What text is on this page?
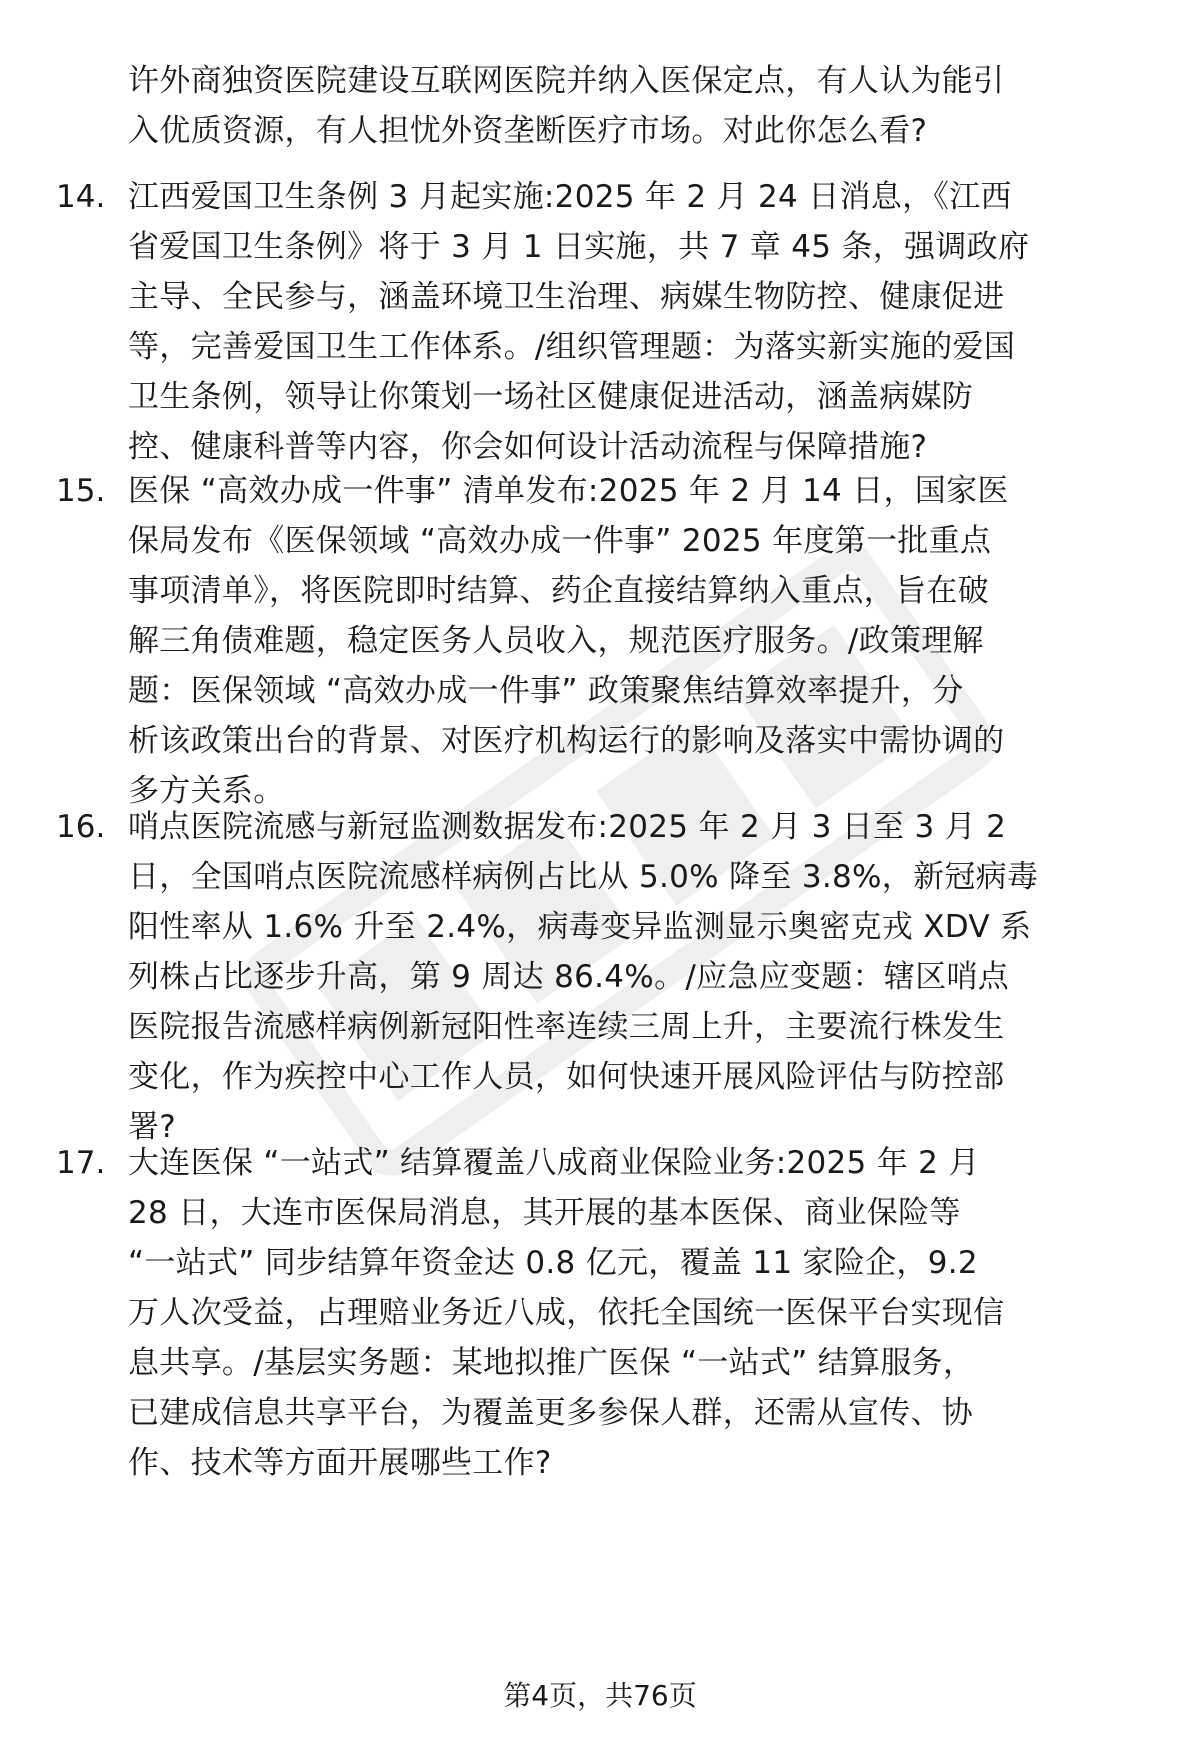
许外商独资医院建设互联网医院并纳入医保定点，有人认为能引
入优质资源，有人担忧外资垄断医疗市场。对此你怎么看?

14. 江西爱国卫生条例 3 月起实施:2025 年 2 月 24 日消息，《江西
省爱国卫生条例》将于 3 月 1 日实施，共 7 章 45 条，强调政府
主导、全民参与，涵盖环境卫生治理、病媒生物防控、健康促进
等，完善爱国卫生工作体系。/组织管理题：为落实新实施的爱国
卫生条例，领导让你策划一场社区健康促进活动，涵盖病媒防
控、健康科普等内容，你会如何设计活动流程与保障措施?

15. 医保 “高效办成一件事” 清单发布:2025 年 2 月 14 日，国家医
保局发布《医保领域 “高效办成一件事” 2025 年度第一批重点
事项清单》，将医院即时结算、药企直接结算纳入重点，旨在破
解三角债难题，稳定医务人员收入，规范医疗服务。/政策理解
题：医保领域 “高效办成一件事” 政策聚焦结算效率提升，分
析该政策出台的背景、对医疗机构运行的影响及落实中需协调的
多方关系。

16. 哨点医院流感与新冠监测数据发布:2025 年 2 月 3 日至 3 月 2
日，全国哨点医院流感样病例占比从 5.0% 降至 3.8%，新冠病毒
阳性率从 1.6% 升至 2.4%，病毒变异监测显示奥密克戎 XDV 系
列株占比逐步升高，第 9 周达 86.4%。/应急应变题：辖区哨点
医院报告流感样病例新冠阳性率连续三周上升，主要流行株发生
变化，作为疾控中心工作人员，如何快速开展风险评估与防控部
署?

17. 大连医保 “一站式” 结算覆盖八成商业保险业务:2025 年 2 月
28 日，大连市医保局消息，其开展的基本医保、商业保险等
“一站式” 同步结算年资金达 0.8 亿元，覆盖 11 家险企，9.2
万人次受益，占理赔业务近八成，依托全国统一医保平台实现信
息共享。/基层实务题：某地拟推广医保 “一站式” 结算服务，
已建成信息共享平台，为覆盖更多参保人群，还需从宣传、协
作、技术等方面开展哪些工作?

第4页，共76页
